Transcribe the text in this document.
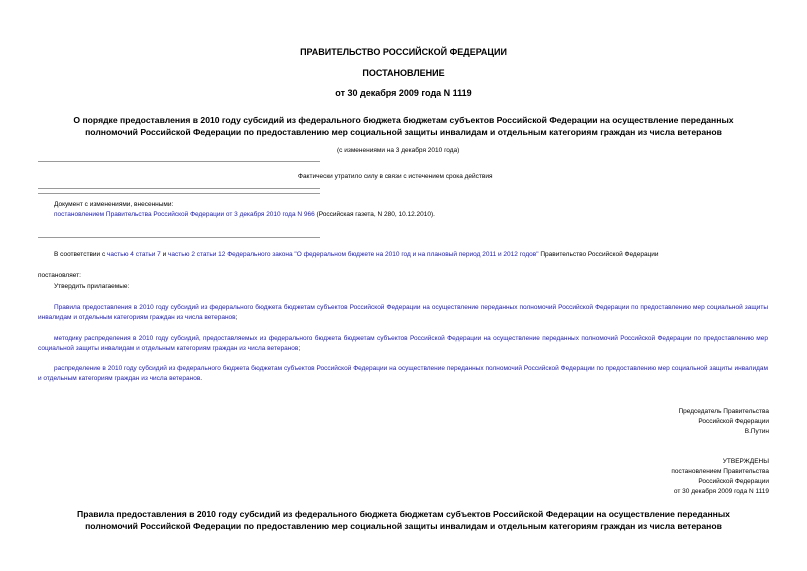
ПРАВИТЕЛЬСТВО РОССИЙСКОЙ ФЕДЕРАЦИИ
ПОСТАНОВЛЕНИЕ
от 30 декабря 2009 года N 1119
О порядке предоставления в 2010 году субсидий из федерального бюджета бюджетам субъектов Российской Федерации на осуществление переданных
полномочий Российской Федерации по предоставлению мер социальной защиты инвалидам и отдельным категориям граждан из числа ветеранов
(с изменениями на 3 декабря 2010 года)
Фактически утратило силу в связи с истечением срока действия
Документ с изменениями, внесенными:
постановлением Правительства Российской Федерации от 3 декабря 2010 года N 966 (Российская газета, N 280, 10.12.2010).
В соответствии с частью 4 статьи 7 и частью 2 статьи 12 Федерального закона "О федеральном бюджете на 2010 год и на плановый период 2011 и 2012 годов" Правительство Российской Федерации
постановляет:
Утвердить прилагаемые:
Правила предоставления в 2010 году субсидий из федерального бюджета бюджетам субъектов Российской Федерации на осуществление переданных полномочий Российской Федерации по предоставлению мер социальной защиты инвалидам и отдельным категориям граждан из числа ветеранов;
методику распределения в 2010 году субсидий, предоставляемых из федерального бюджета бюджетам субъектов Российской Федерации на осуществление переданных полномочий Российской Федерации по предоставлению мер социальной защиты инвалидам и отдельным категориям граждан из числа ветеранов;
распределение в 2010 году субсидий из федерального бюджета бюджетам субъектов Российской Федерации на осуществление переданных полномочий Российской Федерации по предоставлению мер социальной защиты инвалидам и отдельным категориям граждан из числа ветеранов.
Председатель Правительства
Российской Федерации
В.Путин
УТВЕРЖДЕНЫ
постановлением Правительства
Российской Федерации
от 30 декабря 2009 года N 1119
Правила предоставления в 2010 году субсидий из федерального бюджета бюджетам субъектов Российской Федерации на осуществление переданных
полномочий Российской Федерации по предоставлению мер социальной защиты инвалидам и отдельным категориям граждан из числа ветеранов
